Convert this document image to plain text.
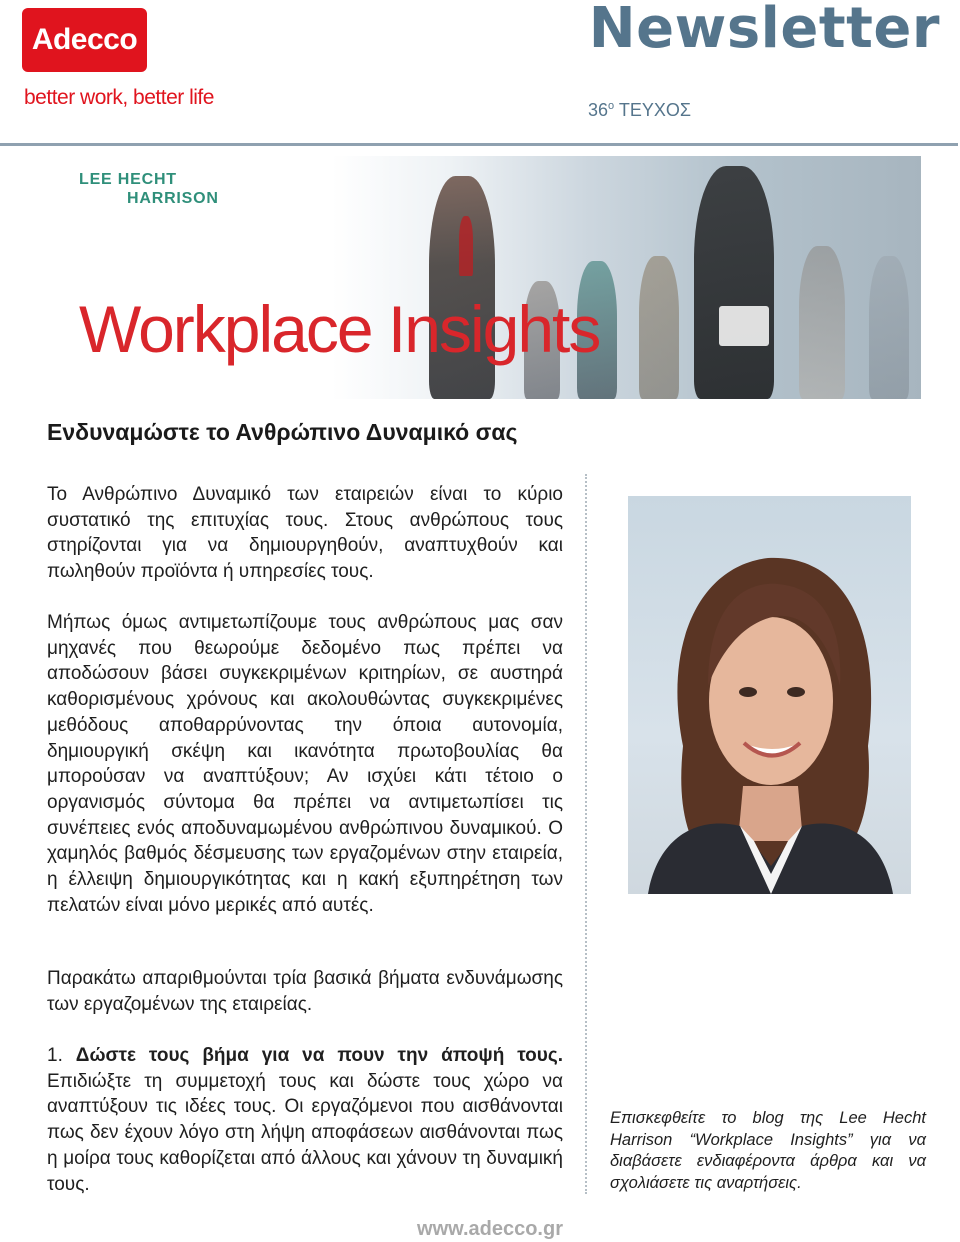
Adecco
better work, better life
Newsletter
$36^o$ ΤΕΥΧΟΣ
LEE HECHT
HARRISON
Workplace Insights
Ενδυναμώστε το Ανθρώπινο Δυναμικό σας

Το Ανθρώπινο Δυναμικό των εταιρειών είναι το κύριο συστατικό της επιτυχίας τους. Στους ανθρώπους τους στηρίζονται για να δημιουργηθούν, αναπτυχθούν και πωληθούν προϊόντα ή υπηρεσίες τους.

Μήπως όμως αντιμετωπίζουμε τους ανθρώπους μας σαν μηχανές που θεωρούμε δεδομένο πως πρέπει να αποδώσουν βάσει συγκεκριμένων κριτηρίων, σε αυστηρά καθορισμένους χρόνους και ακολουθώντας συγκεκριμένες μεθόδους αποθαρρύνοντας την όποια αυτονομία, δημιουργική σκέψη και ικανότητα πρωτοβουλίας θα μπορούσαν να αναπτύξουν; Αν ισχύει κάτι τέτοιο ο οργανισμός σύντομα θα πρέπει να αντιμετωπίσει τις συνέπειες ενός αποδυναμωμένου ανθρώπινου δυναμικού. Ο χαμηλός βαθμός δέσμευσης των εργαζομένων στην εταιρεία, η έλλειψη δημιουργικότητας και η κακή εξυπηρέτηση των πελατών είναι μόνο μερικές από αυτές.

Παρακάτω απαριθμούνται τρία βασικά βήματα ενδυνάμωσης των εργαζομένων της εταιρείας.

1. Δώστε τους βήμα για να πουν την άποψή τους. Επιδιώξτε τη συμμετοχή τους και δώστε τους χώρο να αναπτύξουν τις ιδέες τους. Οι εργαζόμενοι που αισθάνονται πως δεν έχουν λόγο στη λήψη αποφάσεων αισθάνονται πως η μοίρα τους καθορίζεται από άλλους και χάνουν τη δυναμική τους.

Επισκεφθείτε το blog της Lee Hecht Harrison “Workplace Insights” για να διαβάσετε ενδιαφέροντα άρθρα και να σχολιάσετε τις αναρτήσεις.

www.adecco.gr
